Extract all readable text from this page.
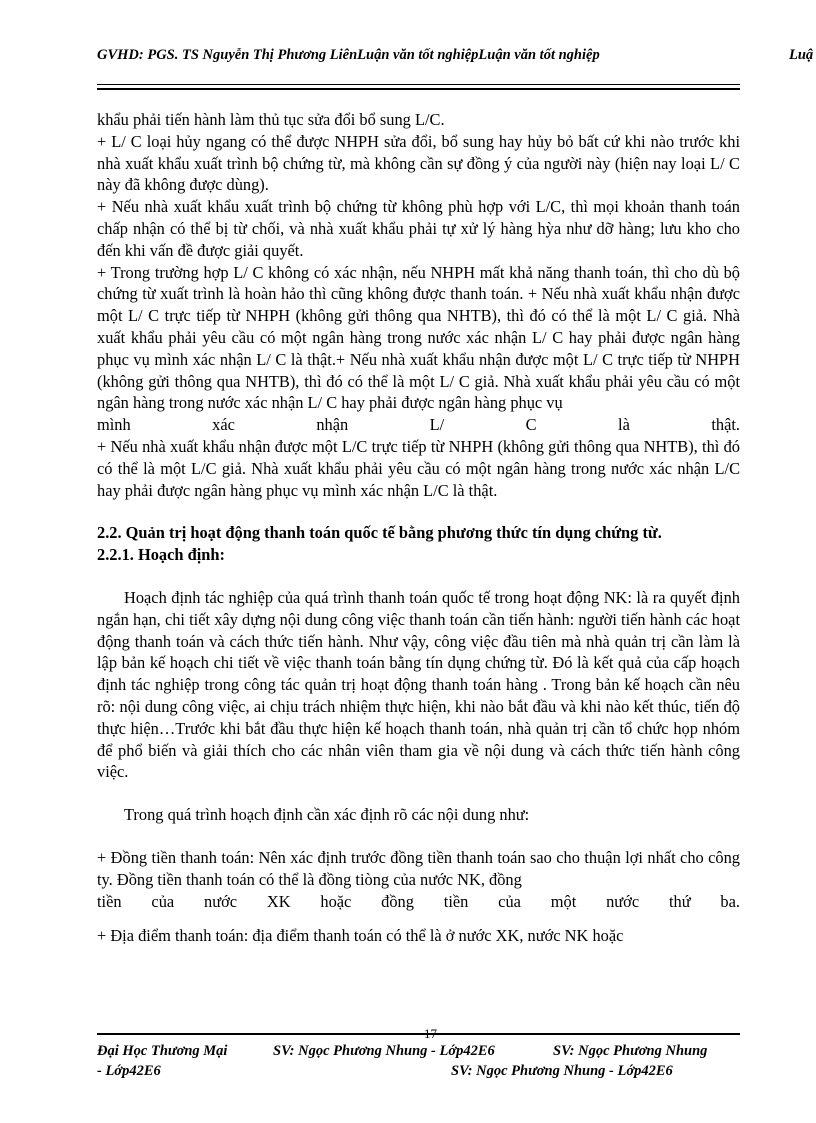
GVHD: PGS. TS Nguyễn Thị Phương LiênLuận văn tốt nghiệpLuận văn tốt nghiệp	Luậ

khẩu phải tiến hành làm thủ tục sửa đổi bổ sung L/C.

+ L/ C loại hủy ngang có thể được NHPH sửa đổi, bổ sung hay hủy bỏ bất cứ khi nào trước khi nhà xuất khẩu xuất trình bộ chứng từ, mà không cần sự đồng ý của người này (hiện nay loại L/ C này đã không được dùng).

+ Nếu nhà xuất khẩu xuất trình bộ chứng từ không phù hợp với L/C, thì mọi khoản thanh toán chấp nhận có thể bị từ chối, và nhà xuất khẩu phải tự xử lý hàng hỳa như dỡ hàng; lưu kho cho đến khi vấn đề được giải quyết.

+ Trong trường hợp L/ C không có xác nhận, nếu NHPH mất khả năng thanh toán, thì cho dù bộ chứng từ xuất trình là hoàn hảo thì cũng không được thanh toán. + Nếu nhà xuất khẩu nhận được một L/ C trực tiếp từ NHPH (không gửi thông qua NHTB), thì đó có thể là một L/ C giả. Nhà xuất khẩu phải yêu cầu có một ngân hàng trong nước xác nhận L/ C hay phải được ngân hàng phục vụ mình xác nhận L/ C là thật.+ Nếu nhà xuất khẩu nhận được một L/ C trực tiếp từ NHPH (không gửi thông qua NHTB), thì đó có thể là một L/ C giả. Nhà xuất khẩu phải yêu cầu có một ngân hàng trong nước xác nhận L/ C hay phải được ngân hàng phục vụ

mình xác nhận L/ C là thật.

+ Nếu nhà xuất khẩu nhận được một L/C trực tiếp từ NHPH (không gửi thông qua NHTB), thì đó có thể là một L/C giả. Nhà xuất khẩu phải yêu cầu có một ngân hàng trong nước xác nhận L/C hay phải được ngân hàng phục vụ mình xác nhận L/C là thật.

2.2. Quản trị hoạt động thanh toán quốc tế bằng phương thức tín dụng chứng từ.

2.2.1. Hoạch định:

Hoạch định tác nghiệp của quá trình thanh toán quốc tế trong hoạt động NK: là ra quyết định ngắn hạn, chi tiết xây dựng nội dung công việc thanh toán cần tiến hành: người tiến hành các hoạt động thanh toán và cách thức tiến hành. Như vậy, công việc đầu tiên mà nhà quản trị cần làm là lập bản kế hoạch chi tiết về việc thanh toán bằng tín dụng chứng từ. Đó là kết quả của cấp hoạch định tác nghiệp trong công tác quản trị hoạt động thanh toán hàng . Trong bản kế hoạch cần nêu rõ: nội dung công việc, ai chịu trách nhiệm thực hiện, khi nào bắt đầu và khi nào kết thúc, tiến độ thực hiện…Trước khi bắt đầu thực hiện kế hoạch thanh toán, nhà quản trị cần tổ chức họp nhóm để phổ biến và giải thích cho các nhân viên tham gia về nội dung và cách thức tiến hành công việc.

Trong quá trình hoạch định cần xác định rõ các nội dung như:

+ Đồng tiền thanh toán: Nên xác định trước đồng tiền thanh toán sao cho thuận lợi nhất cho công ty. Đồng tiền thanh toán có thể là đồng tiòng của nước NK, đồng

tiền của nước XK hoặc đồng tiền của một nước thứ ba.

+ Địa điểm thanh toán: địa điểm thanh toán có thể là ở nước XK, nước NK hoặc

17
Đại Học Thương Mại	SV: Ngọc Phương Nhung - Lớp42E6	SV: Ngọc Phương Nhung
- Lớp42E6	SV: Ngọc Phương Nhung - Lớp42E6
